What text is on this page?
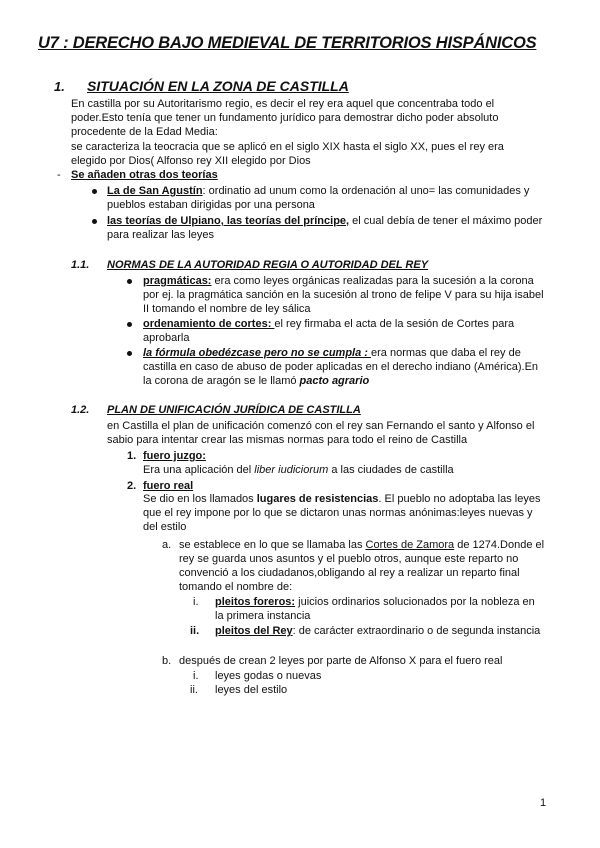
U7 : DERECHO BAJO MEDIEVAL DE TERRITORIOS HISPÁNICOS
1. SITUACIÓN EN LA ZONA DE CASTILLA
En castilla por su Autoritarismo regio, es decir el rey era aquel que concentraba todo el
poder.Esto tenía que tener un fundamento jurídico para demostrar dicho poder absoluto
procedente de la Edad Media:
se caracteriza la teocracia que se aplicó en el siglo XIX hasta el siglo XX, pues el rey era
elegido por Dios( Alfonso rey XII elegido por Dios
- Se añaden otras dos teorías
La de San Agustín: ordinatio ad unum como la ordenación al uno= las comunidades y
pueblos estaban dirigidas por una persona
las teorías de Ulpiano, las teorías del príncipe, el cual debía de tener el máximo poder
para realizar las leyes
1.1. NORMAS DE LA AUTORIDAD REGIA O AUTORIDAD DEL REY
pragmáticas: era como leyes orgánicas realizadas para la sucesión a la corona
por ej. la pragmática sanción en la sucesión al trono de felipe V para su hija isabel
II tomando el nombre de ley sálica
ordenamiento de cortes: el rey firmaba el acta de la sesión de Cortes para
aprobarla
la fórmula obedézcase pero no se cumpla : era normas que daba el rey de
castilla en caso de abuso de poder aplicadas en el derecho indiano (América).En
la corona de aragón se le llamó pacto agrario
1.2. PLAN DE UNIFICACIÓN JURÍDICA DE CASTILLA
en Castilla el plan de unificación comenzó con el rey san Fernando el santo y Alfonso el
sabio para intentar crear las mismas normas para todo el reino de Castilla
1. fuero juzgo:
Era una aplicación del liber iudiciorum a las ciudades de castilla
2. fuero real
Se dio en los llamados lugares de resistencias. El pueblo no adoptaba las leyes
que el rey impone por lo que se dictaron unas normas anónimas:leyes nuevas y
del estilo
a. se establece en lo que se llamaba las Cortes de Zamora de 1274.Donde el
rey se guarda unos asuntos y el pueblo otros, aunque este reparto no
convenció a los ciudadanos,obligando al rey a realizar un reparto final
tomando el nombre de:
i. pleitos foreros: juicios ordinarios solucionados por la nobleza en
la primera instancia
ii. pleitos del Rey: de carácter extraordinario o de segunda instancia
b. después de crean 2 leyes por parte de Alfonso X para el fuero real
i. leyes godas o nuevas
ii. leyes del estilo
1
